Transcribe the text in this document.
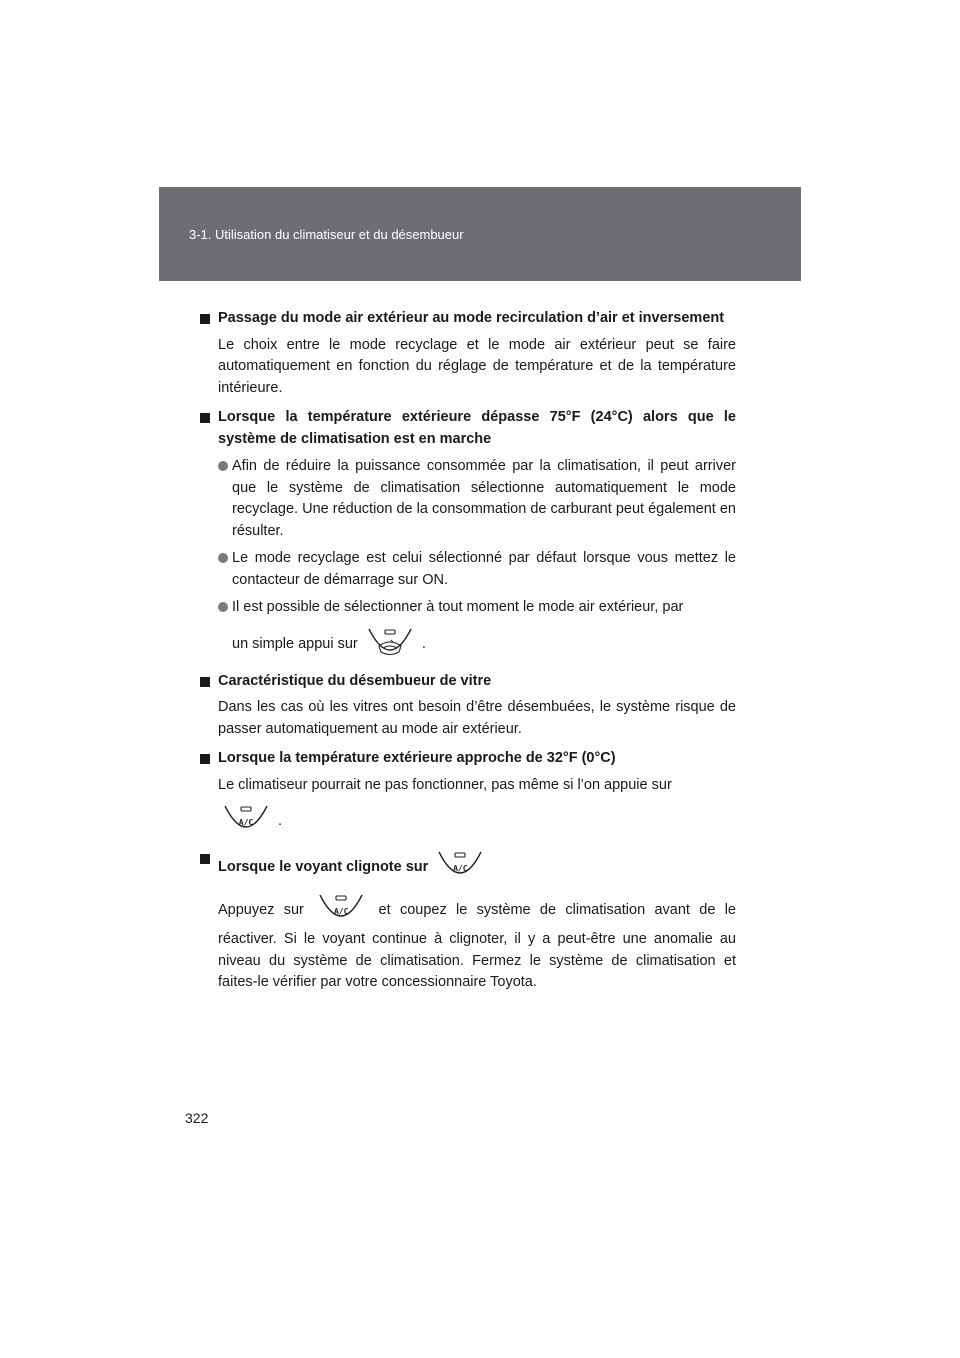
3-1. Utilisation du climatiseur et du désembueur
Passage du mode air extérieur au mode recirculation d’air et inversement
Le choix entre le mode recyclage et le mode air extérieur peut se faire automatiquement en fonction du réglage de température et de la température intérieure.
Lorsque la température extérieure dépasse 75°F (24°C) alors que le système de climatisation est en marche
Afin de réduire la puissance consommée par la climatisation, il peut arriver que le système de climatisation sélectionne automatiquement le mode recyclage. Une réduction de la consommation de carburant peut également en résulter.
Le mode recyclage est celui sélectionné par défaut lorsque vous mettez le contacteur de démarrage sur ON.
Il est possible de sélectionner à tout moment le mode air extérieur, par
un simple appui sur	.
Caractéristique du désembueur de vitre
Dans les cas où les vitres ont besoin d’être désembuées, le système risque de passer automatiquement au mode air extérieur.
Lorsque la température extérieure approche de 32°F (0°C)
Le climatiseur pourrait ne pas fonctionner, pas même si l’on appuie sur
A/C	.
Lorsque le voyant clignote sur	A/C
Appuyez sur	A/C	et coupez le système de climatisation avant de le réactiver. Si le voyant continue à clignoter, il y a peut-être une anomalie au niveau du système de climatisation. Fermez le système de climatisation et faites-le vérifier par votre concessionnaire Toyota.
322
